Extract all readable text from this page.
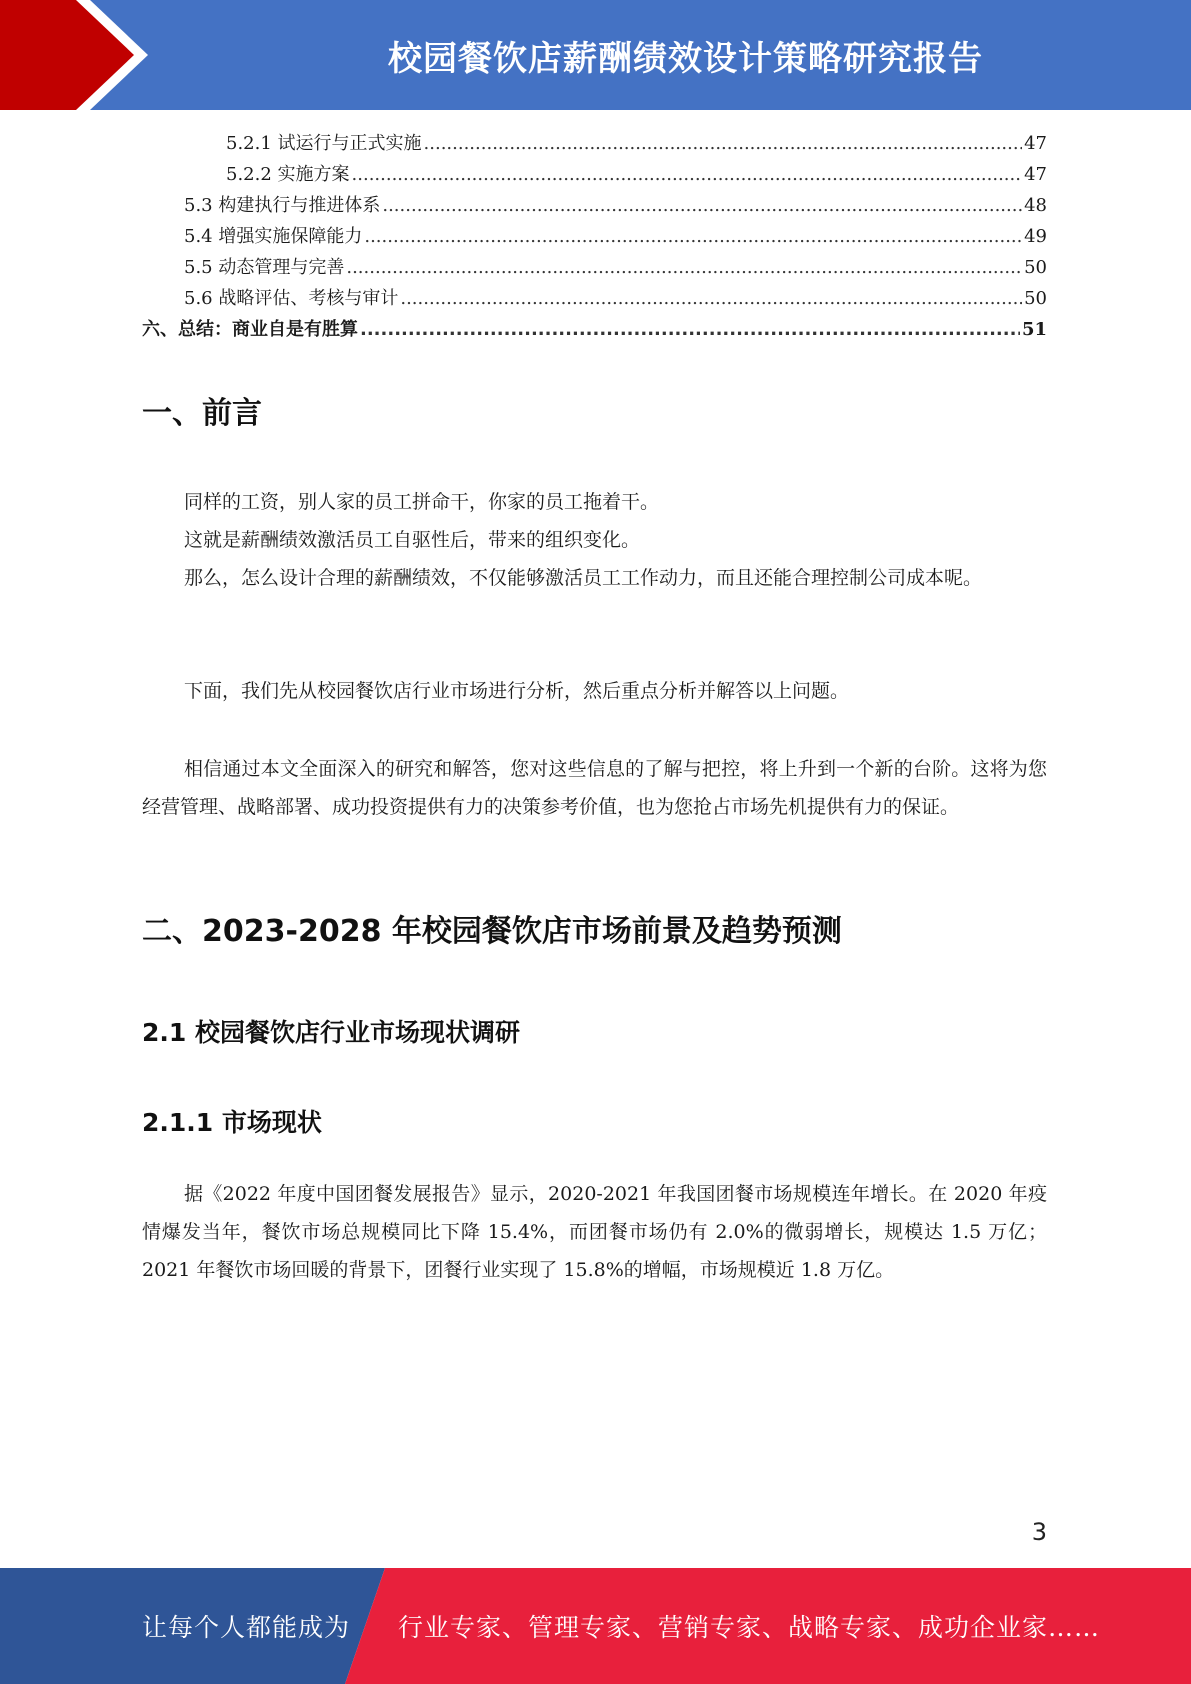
校园餐饮店薪酬绩效设计策略研究报告
5.2.1 试运行与正式实施 .....	47
5.2.2 实施方案 .....	47
5.3 构建执行与推进体系 .....	48
5.4 增强实施保障能力 .....	49
5.5 动态管理与完善 .....	50
5.6 战略评估、考核与审计 .....	50
六、总结：商业自是有胜算 .....	51
一、前言

同样的工资，别人家的员工拼命干，你家的员工拖着干。

这就是薪酬绩效激活员工自驱性后，带来的组织变化。

那么，怎么设计合理的薪酬绩效，不仅能够激活员工工作动力，而且还能合理控制公司成本呢。

下面，我们先从校园餐饮店行业市场进行分析，然后重点分析并解答以上问题。

相信通过本文全面深入的研究和解答，您对这些信息的了解与把控，将上升到一个新的台阶。这将为您经营管理、战略部署、成功投资提供有力的决策参考价值，也为您抢占市场先机提供有力的保证。

二、2023-2028 年校园餐饮店市场前景及趋势预测
2.1 校园餐饮店行业市场现状调研
2.1.1 市场现状

据《2022 年度中国团餐发展报告》显示，2020-2021 年我国团餐市场规模连年增长。在 2020 年疫情爆发当年，餐饮市场总规模同比下降 15.4%，而团餐市场仍有 2.0%的微弱增长，规模达 1.5 万亿；2021 年餐饮市场回暖的背景下，团餐行业实现了 15.8%的增幅，市场规模近 1.8 万亿。

3
让每个人都能成为 行业专家、管理专家、营销专家、战略专家、成功企业家……
